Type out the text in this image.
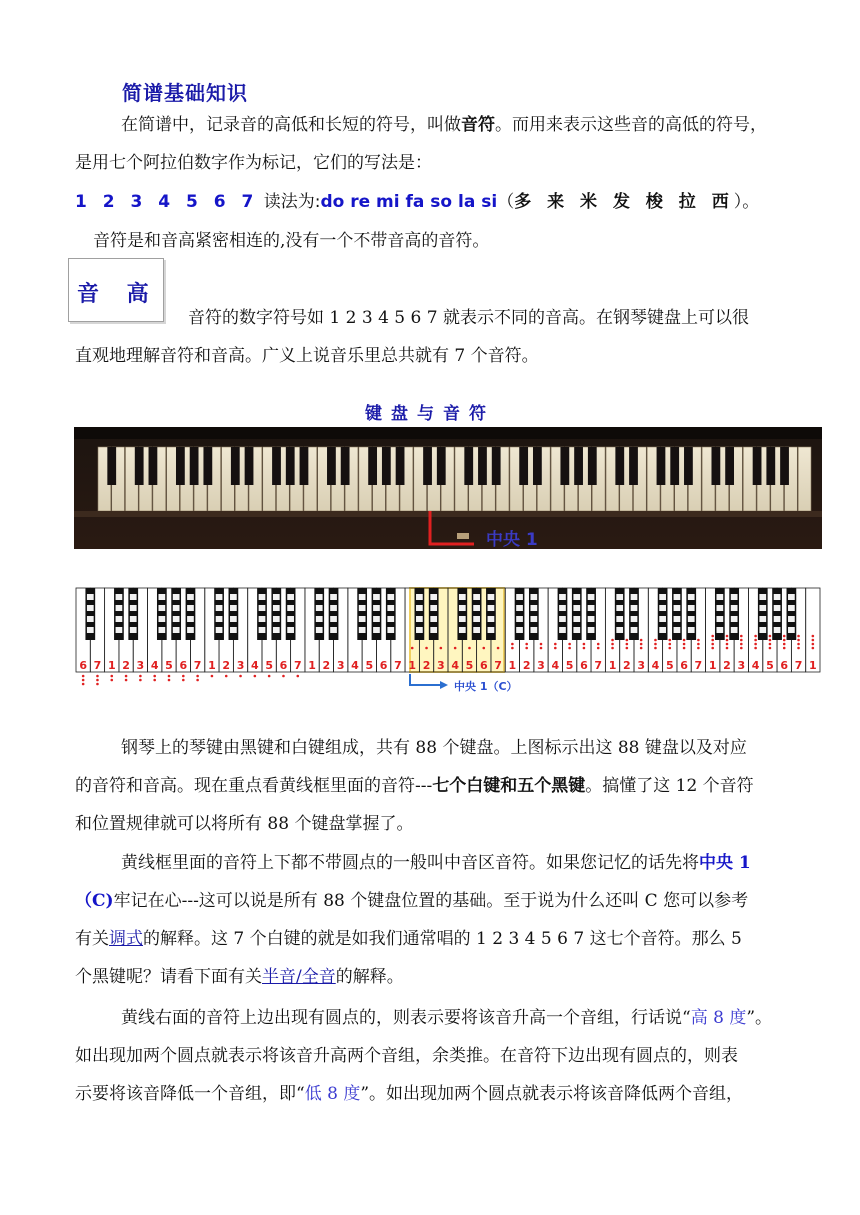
简谱基础知识
在简谱中，记录音的高低和长短的符号，叫做音符。而用来表示这些音的高低的符号，
是用七个阿拉伯数字作为标记，它们的写法是：
1 2 3 4 5 6 7 读法为:do re mi fa so la si（多 来 米 发 梭 拉 西）。
音符是和音高紧密相连的,没有一个不带音高的音符。
音 高
音符的数字符号如 1 2 3 4 5 6 7 就表示不同的音高。在钢琴键盘上可以很
直观地理解音符和音高。广义上说音乐里总共就有 7 个音符。
键盘与音符
中央 1
6 7 1 2 3 4 5 6 7 1 2 3 4 5 6 7 1 2 3 4 5 6 7 1 2 3 4 5 6 7 1 2 3 4 5 6 7 1 2 3 4 5 6 7 1 2 3 4 5 6 7 1
中央 1（C）
钢琴上的琴键由黑键和白键组成，共有 88 个键盘。上图标示出这 88 键盘以及对应
的音符和音高。现在重点看黄线框里面的音符---七个白键和五个黑键。搞懂了这 12 个音符
和位置规律就可以将所有 88 个键盘掌握了。
黄线框里面的音符上下都不带圆点的一般叫中音区音符。如果您记忆的话先将中央 1
（C)牢记在心---这可以说是所有 88 个键盘位置的基础。至于说为什么还叫 C 您可以参考
有关调式的解释。这 7 个白键的就是如我们通常唱的 1 2 3 4 5 6 7 这七个音符。那么 5
个黑键呢？请看下面有关半音/全音的解释。
黄线右面的音符上边出现有圆点的，则表示要将该音升高一个音组，行话说“高 8 度”。
如出现加两个圆点就表示将该音升高两个音组，余类推。在音符下边出现有圆点的，则表
示要将该音降低一个音组，即“低 8 度”。如出现加两个圆点就表示将该音降低两个音组，
